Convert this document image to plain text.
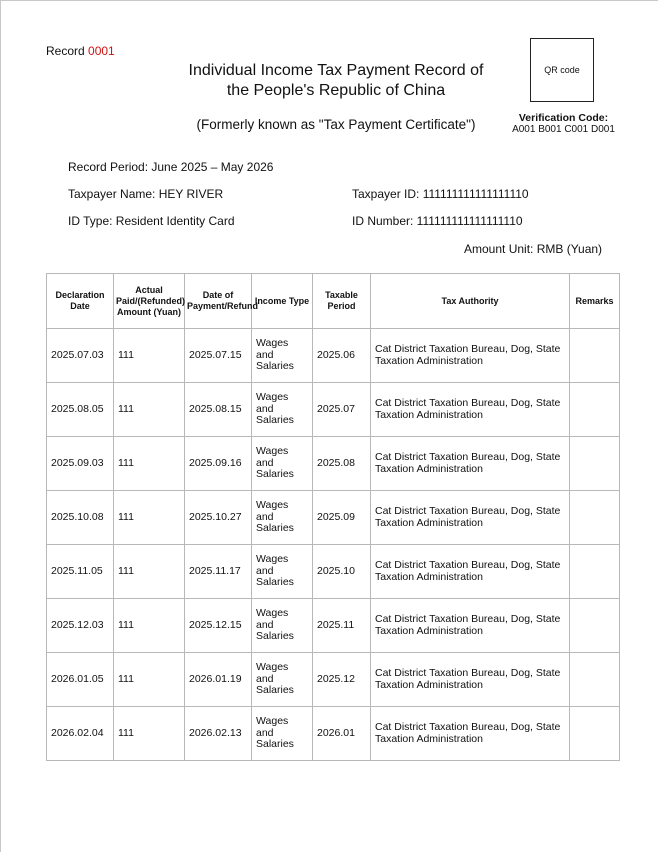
Record 0001
Individual Income Tax Payment Record of
the People's Republic of China
(Formerly known as "Tax Payment Certificate")
QR code
Verification Code:
A001 B001 C001 D001
Record Period: June 2025 – May 2026
Taxpayer Name: HEY RIVER	Taxpayer ID: 111111111111111110
ID Type: Resident Identity Card	ID Number: 111111111111111110
Amount Unit: RMB (Yuan)
Declaration Date	Actual Paid/(Refunded) Amount (Yuan)	Date of Payment/Refund	Income Type	Taxable Period	Tax Authority	Remarks
2025.07.03	111	2025.07.15	Wages and Salaries	2025.06	Cat District Taxation Bureau, Dog, State Taxation Administration	
2025.08.05	111	2025.08.15	Wages and Salaries	2025.07	Cat District Taxation Bureau, Dog, State Taxation Administration	
2025.09.03	111	2025.09.16	Wages and Salaries	2025.08	Cat District Taxation Bureau, Dog, State Taxation Administration	
2025.10.08	111	2025.10.27	Wages and Salaries	2025.09	Cat District Taxation Bureau, Dog, State Taxation Administration	
2025.11.05	111	2025.11.17	Wages and Salaries	2025.10	Cat District Taxation Bureau, Dog, State Taxation Administration	
2025.12.03	111	2025.12.15	Wages and Salaries	2025.11	Cat District Taxation Bureau, Dog, State Taxation Administration	
2026.01.05	111	2026.01.19	Wages and Salaries	2025.12	Cat District Taxation Bureau, Dog, State Taxation Administration	
2026.02.04	111	2026.02.13	Wages and Salaries	2026.01	Cat District Taxation Bureau, Dog, State Taxation Administration	
